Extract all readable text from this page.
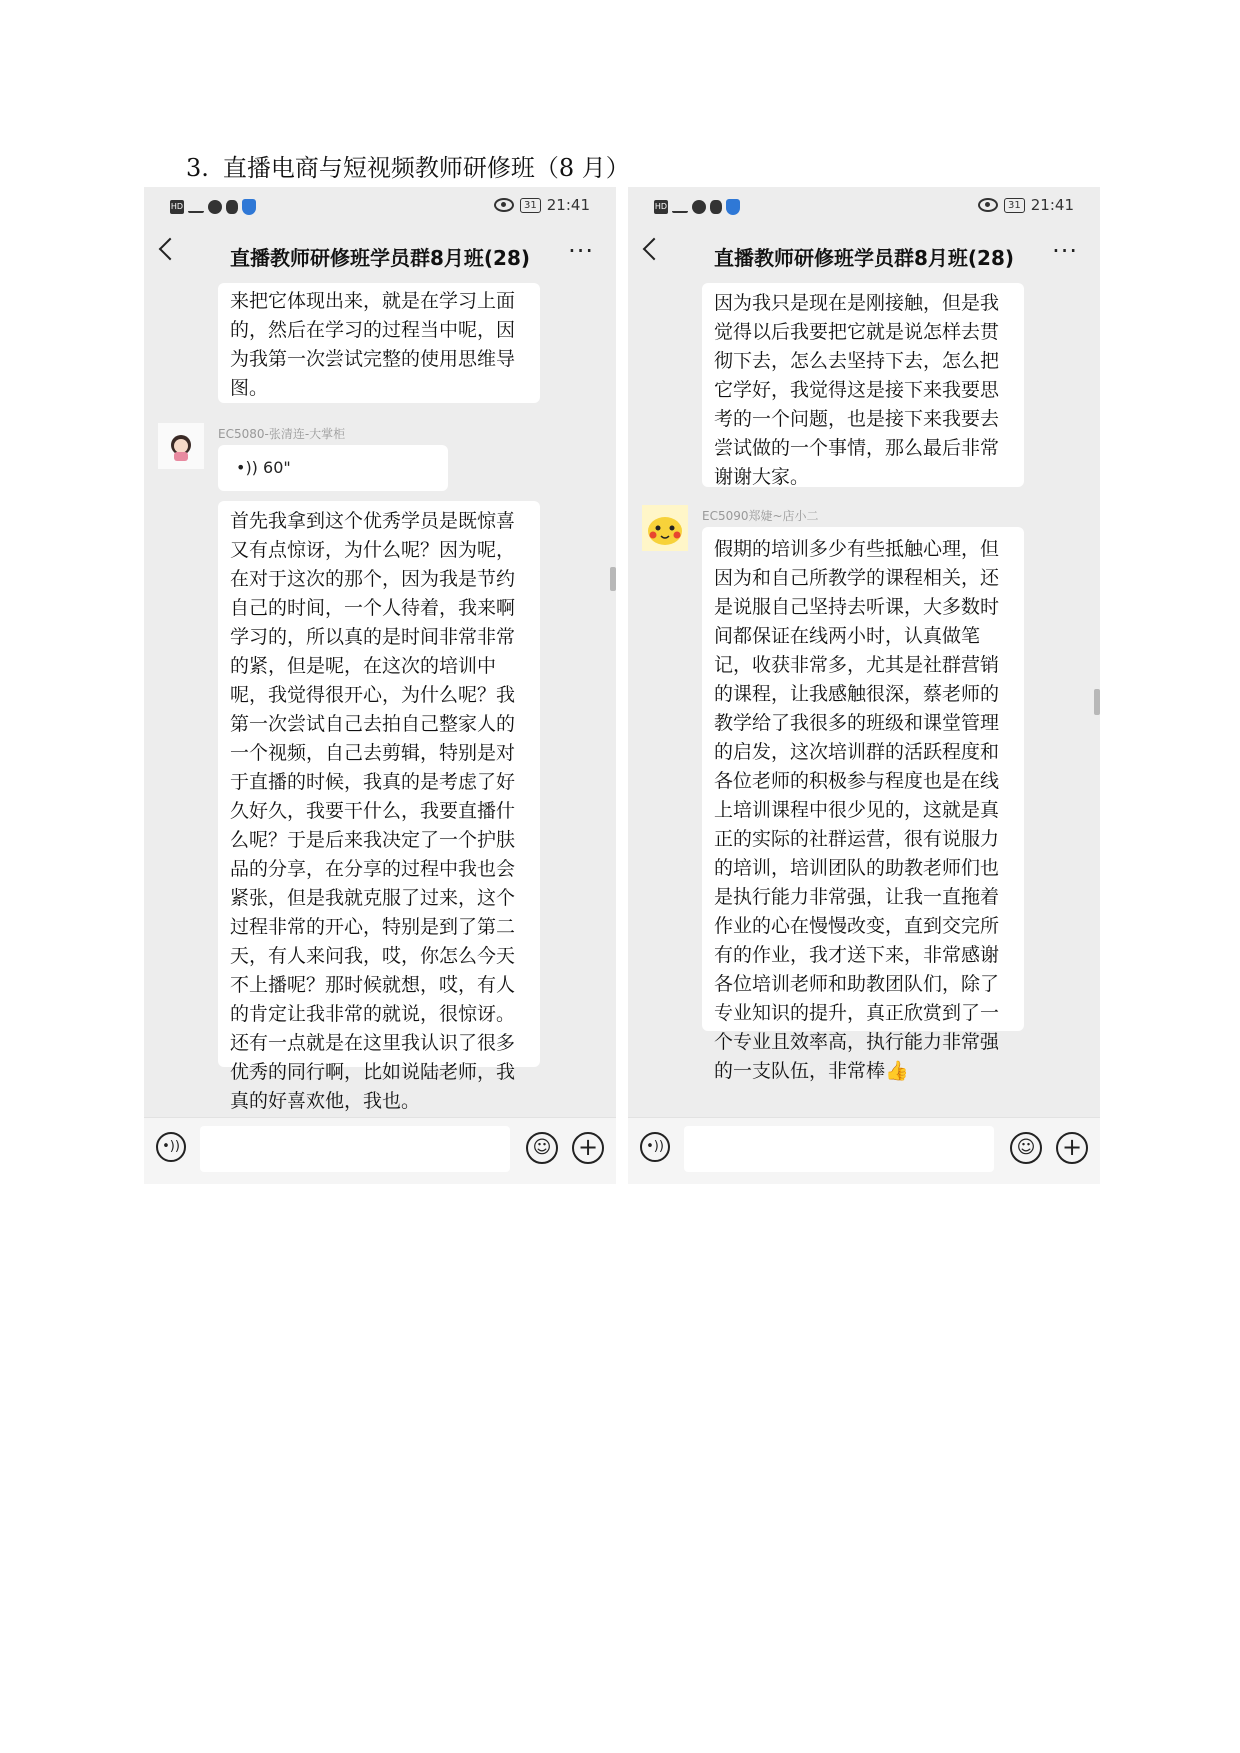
3. 直播电商与短视频教师研修班（8 月）
HD	31 21:41
直播教师研修班学员群8月班(28)	···
来把它体现出来，就是在学习上面的，然后在学习的过程当中呢，因为我第一次尝试完整的使用思维导图。
EC5080-张清连-大掌柜
•)) 60"
首先我拿到这个优秀学员是既惊喜又有点惊讶，为什么呢？因为呢，在对于这次的那个，因为我是节约自己的时间，一个人待着，我来啊学习的，所以真的是时间非常非常的紧，但是呢，在这次的培训中呢，我觉得很开心，为什么呢？我第一次尝试自己去拍自己整家人的一个视频，自己去剪辑，特别是对于直播的时候，我真的是考虑了好久好久，我要干什么，我要直播什么呢？于是后来我决定了一个护肤品的分享，在分享的过程中我也会紧张，但是我就克服了过来，这个过程非常的开心，特别是到了第二天，有人来问我，哎，你怎么今天不上播呢？那时候就想，哎，有人的肯定让我非常的就说，很惊讶。还有一点就是在这里我认识了很多优秀的同行啊，比如说陆老师，我真的好喜欢他，我也。
•))	☺ +
HD	31 21:41
直播教师研修班学员群8月班(28)	···
因为我只是现在是刚接触，但是我觉得以后我要把它就是说怎样去贯彻下去，怎么去坚持下去，怎么把它学好，我觉得这是接下来我要思考的一个问题，也是接下来我要去尝试做的一个事情，那么最后非常谢谢大家。
EC5090郑婕~店小二
假期的培训多少有些抵触心理，但因为和自己所教学的课程相关，还是说服自己坚持去听课，大多数时间都保证在线两小时，认真做笔记，收获非常多，尤其是社群营销的课程，让我感触很深，蔡老师的教学给了我很多的班级和课堂管理的启发，这次培训群的活跃程度和各位老师的积极参与程度也是在线上培训课程中很少见的，这就是真正的实际的社群运营，很有说服力的培训，培训团队的助教老师们也是执行能力非常强，让我一直拖着作业的心在慢慢改变，直到交完所有的作业，我才送下来，非常感谢各位培训老师和助教团队们，除了专业知识的提升，真正欣赏到了一个专业且效率高，执行能力非常强的一支队伍，非常棒👍
•))	☺ +
